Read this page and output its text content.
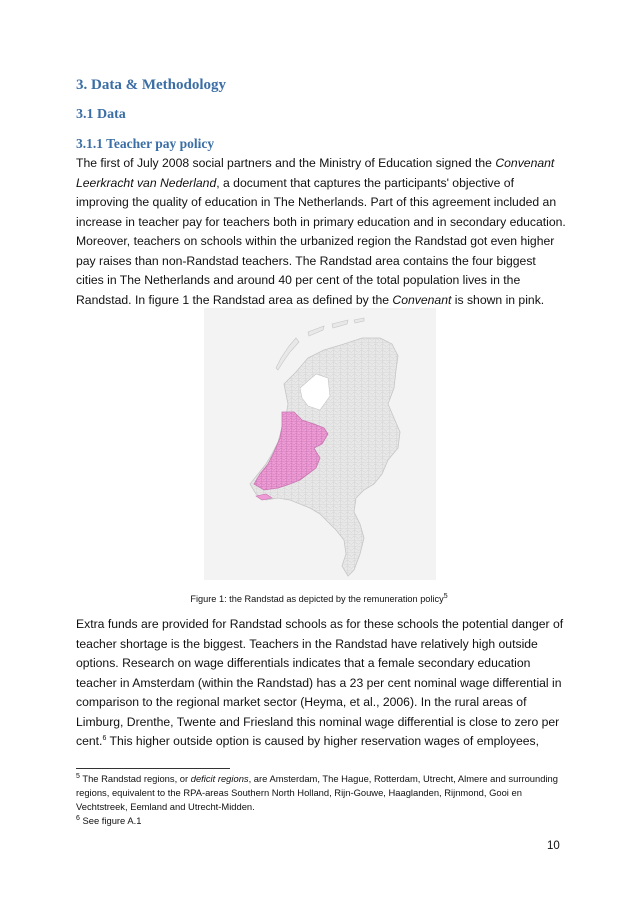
3. Data & Methodology
3.1 Data
3.1.1 Teacher pay policy

The first of July 2008 social partners and the Ministry of Education signed the Convenant Leerkracht van Nederland, a document that captures the participants' objective of improving the quality of education in The Netherlands. Part of this agreement included an increase in teacher pay for teachers both in primary education and in secondary education. Moreover, teachers on schools within the urbanized region the Randstad got even higher pay raises than non-Randstad teachers. The Randstad area contains the four biggest cities in The Netherlands and around 40 per cent of the total population lives in the Randstad. In figure 1 the Randstad area as defined by the Convenant is shown in pink.

Figure 1: the Randstad as depicted by the remuneration policy$^5$

Extra funds are provided for Randstad schools as for these schools the potential danger of teacher shortage is the biggest. Teachers in the Randstad have relatively high outside options. Research on wage differentials indicates that a female secondary education teacher in Amsterdam (within the Randstad) has a 23 per cent nominal wage differential in comparison to the regional market sector (Heyma, et al., 2006). In the rural areas of Limburg, Drenthe, Twente and Friesland this nominal wage differential is close to zero per cent.$^6$ This higher outside option is caused by higher reservation wages of employees,

$^5$ The Randstad regions, or deficit regions, are Amsterdam, The Hague, Rotterdam, Utrecht, Almere and surrounding regions, equivalent to the RPA-areas Southern North Holland, Rijn-Gouwe, Haaglanden, Rijnmond, Gooi en Vechtstreek, Eemland and Utrecht-Midden.

$^6$ See figure A.1

10
